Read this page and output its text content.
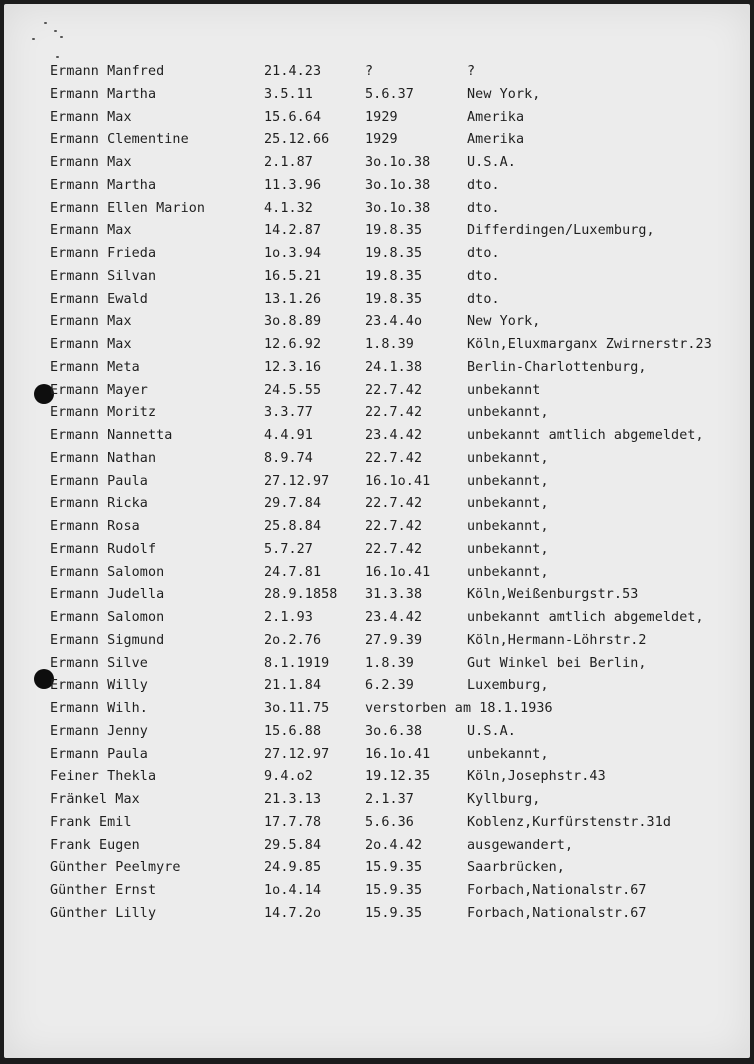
Ermann Manfred	21.4.23	?	?
Ermann Martha	3.5.11	5.6.37	New York,
Ermann Max	15.6.64	1929	Amerika
Ermann Clementine	25.12.66	1929	Amerika
Ermann Max	2.1.87	3o.1o.38	U.S.A.
Ermann Martha	11.3.96	3o.1o.38	dto.
Ermann Ellen Marion	4.1.32	3o.1o.38	dto.
Ermann Max	14.2.87	19.8.35	Differdingen/Luxemburg,
Ermann Frieda	1o.3.94	19.8.35	dto.
Ermann Silvan	16.5.21	19.8.35	dto.
Ermann Ewald	13.1.26	19.8.35	dto.
Ermann Max	3o.8.89	23.4.4o	New York,
Ermann Max	12.6.92	1.8.39	Köln,Eluxmarganx Zwirnerstr.23
Ermann Meta	12.3.16	24.1.38	Berlin-Charlottenburg,
Ermann Mayer	24.5.55	22.7.42	unbekannt
Ermann Moritz	3.3.77	22.7.42	unbekannt,
Ermann Nannetta	4.4.91	23.4.42	unbekannt amtlich abgemeldet,
Ermann Nathan	8.9.74	22.7.42	unbekannt,
Ermann Paula	27.12.97	16.1o.41	unbekannt,
Ermann Ricka	29.7.84	22.7.42	unbekannt,
Ermann Rosa	25.8.84	22.7.42	unbekannt,
Ermann Rudolf	5.7.27	22.7.42	unbekannt,
Ermann Salomon	24.7.81	16.1o.41	unbekannt,
Ermann Judella	28.9.1858 31.3.38	Köln,Weißenburgstr.53
Ermann Salomon	2.1.93	23.4.42	unbekannt amtlich abgemeldet,
Ermann Sigmund	2o.2.76	27.9.39	Köln,Hermann-Löhrstr.2
Ermann Silve	8.1.1919	1.8.39	Gut Winkel bei Berlin,
Ermann Willy	21.1.84	6.2.39	Luxemburg,
Ermann Wilh.	3o.11.75	verstorben am 18.1.1936
Ermann Jenny	15.6.88	3o.6.38	U.S.A.
Ermann Paula	27.12.97	16.1o.41	unbekannt,
Feiner Thekla	9.4.o2	19.12.35	Köln,Josephstr.43
Fränkel Max	21.3.13	2.1.37	Kyllburg,
Frank Emil	17.7.78	5.6.36	Koblenz,Kurfürstenstr.31d
Frank Eugen	29.5.84	2o.4.42	ausgewandert,
Günther Peelmyre	24.9.85	15.9.35	Saarbrücken,
Günther Ernst	1o.4.14	15.9.35	Forbach,Nationalstr.67
Günther Lilly	14.7.2o	15.9.35	Forbach,Nationalstr.67
